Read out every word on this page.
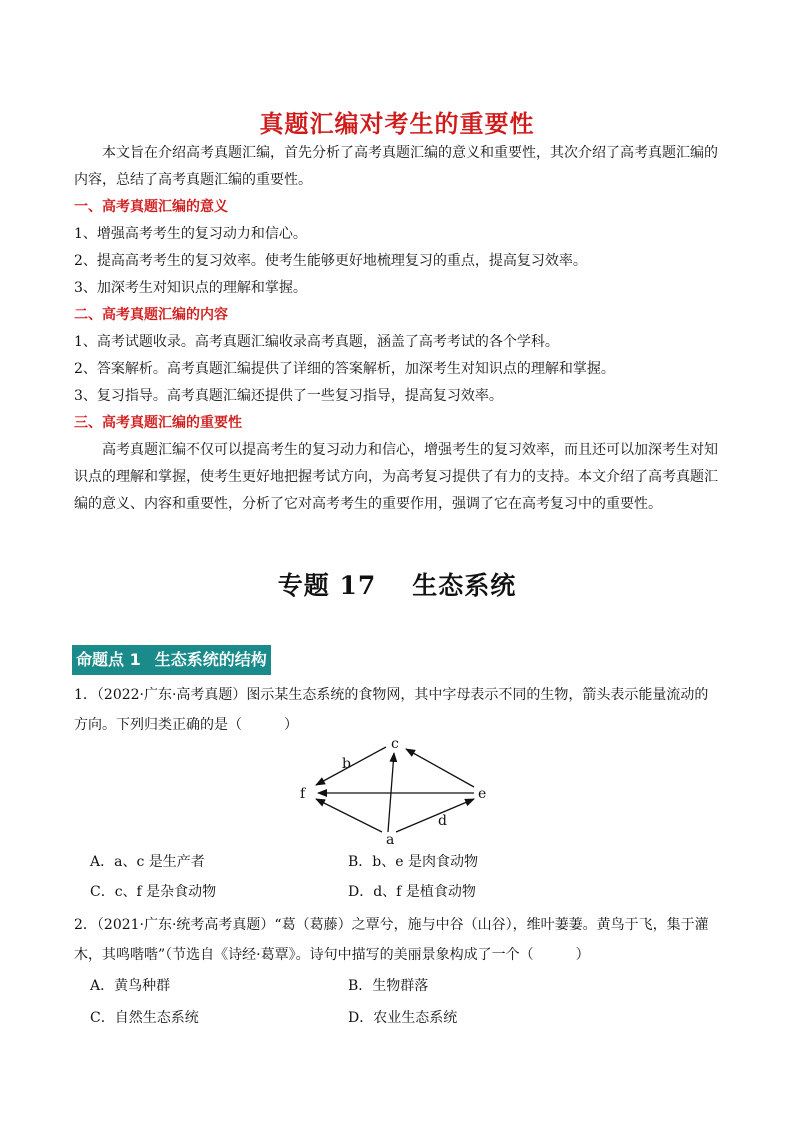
真题汇编对考生的重要性
本文旨在介绍高考真题汇编，首先分析了高考真题汇编的意义和重要性，其次介绍了高考真题汇编的内容，总结了高考真题汇编的重要性。
一、高考真题汇编的意义
1、增强高考考生的复习动力和信心。
2、提高高考考生的复习效率。使考生能够更好地梳理复习的重点，提高复习效率。
3、加深考生对知识点的理解和掌握。
二、高考真题汇编的内容
1、高考试题收录。高考真题汇编收录高考真题，涵盖了高考考试的各个学科。
2、答案解析。高考真题汇编提供了详细的答案解析，加深考生对知识点的理解和掌握。
3、复习指导。高考真题汇编还提供了一些复习指导，提高复习效率。
三、高考真题汇编的重要性
高考真题汇编不仅可以提高考生的复习动力和信心，增强考生的复习效率，而且还可以加深考生对知识点的理解和掌握，使考生更好地把握考试方向，为高考复习提供了有力的支持。本文介绍了高考真题汇编的意义、内容和重要性，分析了它对高考考生的重要作用，强调了它在高考复习中的重要性。
专题 17 生态系统
命题点 1 生态系统的结构
1．（2022·广东·高考真题）图示某生态系统的食物网，其中字母表示不同的生物，箭头表示能量流动的方向。下列归类正确的是（　　　）
c
b
f	e
d
a
A．a、c 是生产者	B．b、e 是肉食动物
C．c、f 是杂食动物	D．d、f 是植食动物
2．（2021·广东·统考高考真题）“葛（葛藤）之覃兮，施与中谷（山谷），维叶萋萋。黄鸟于飞，集于灌木，其鸣喈喈”（节选自《诗经·葛覃》。诗句中描写的美丽景象构成了一个（　　　）
A．黄鸟种群	B．生物群落
C．自然生态系统	D．农业生态系统
